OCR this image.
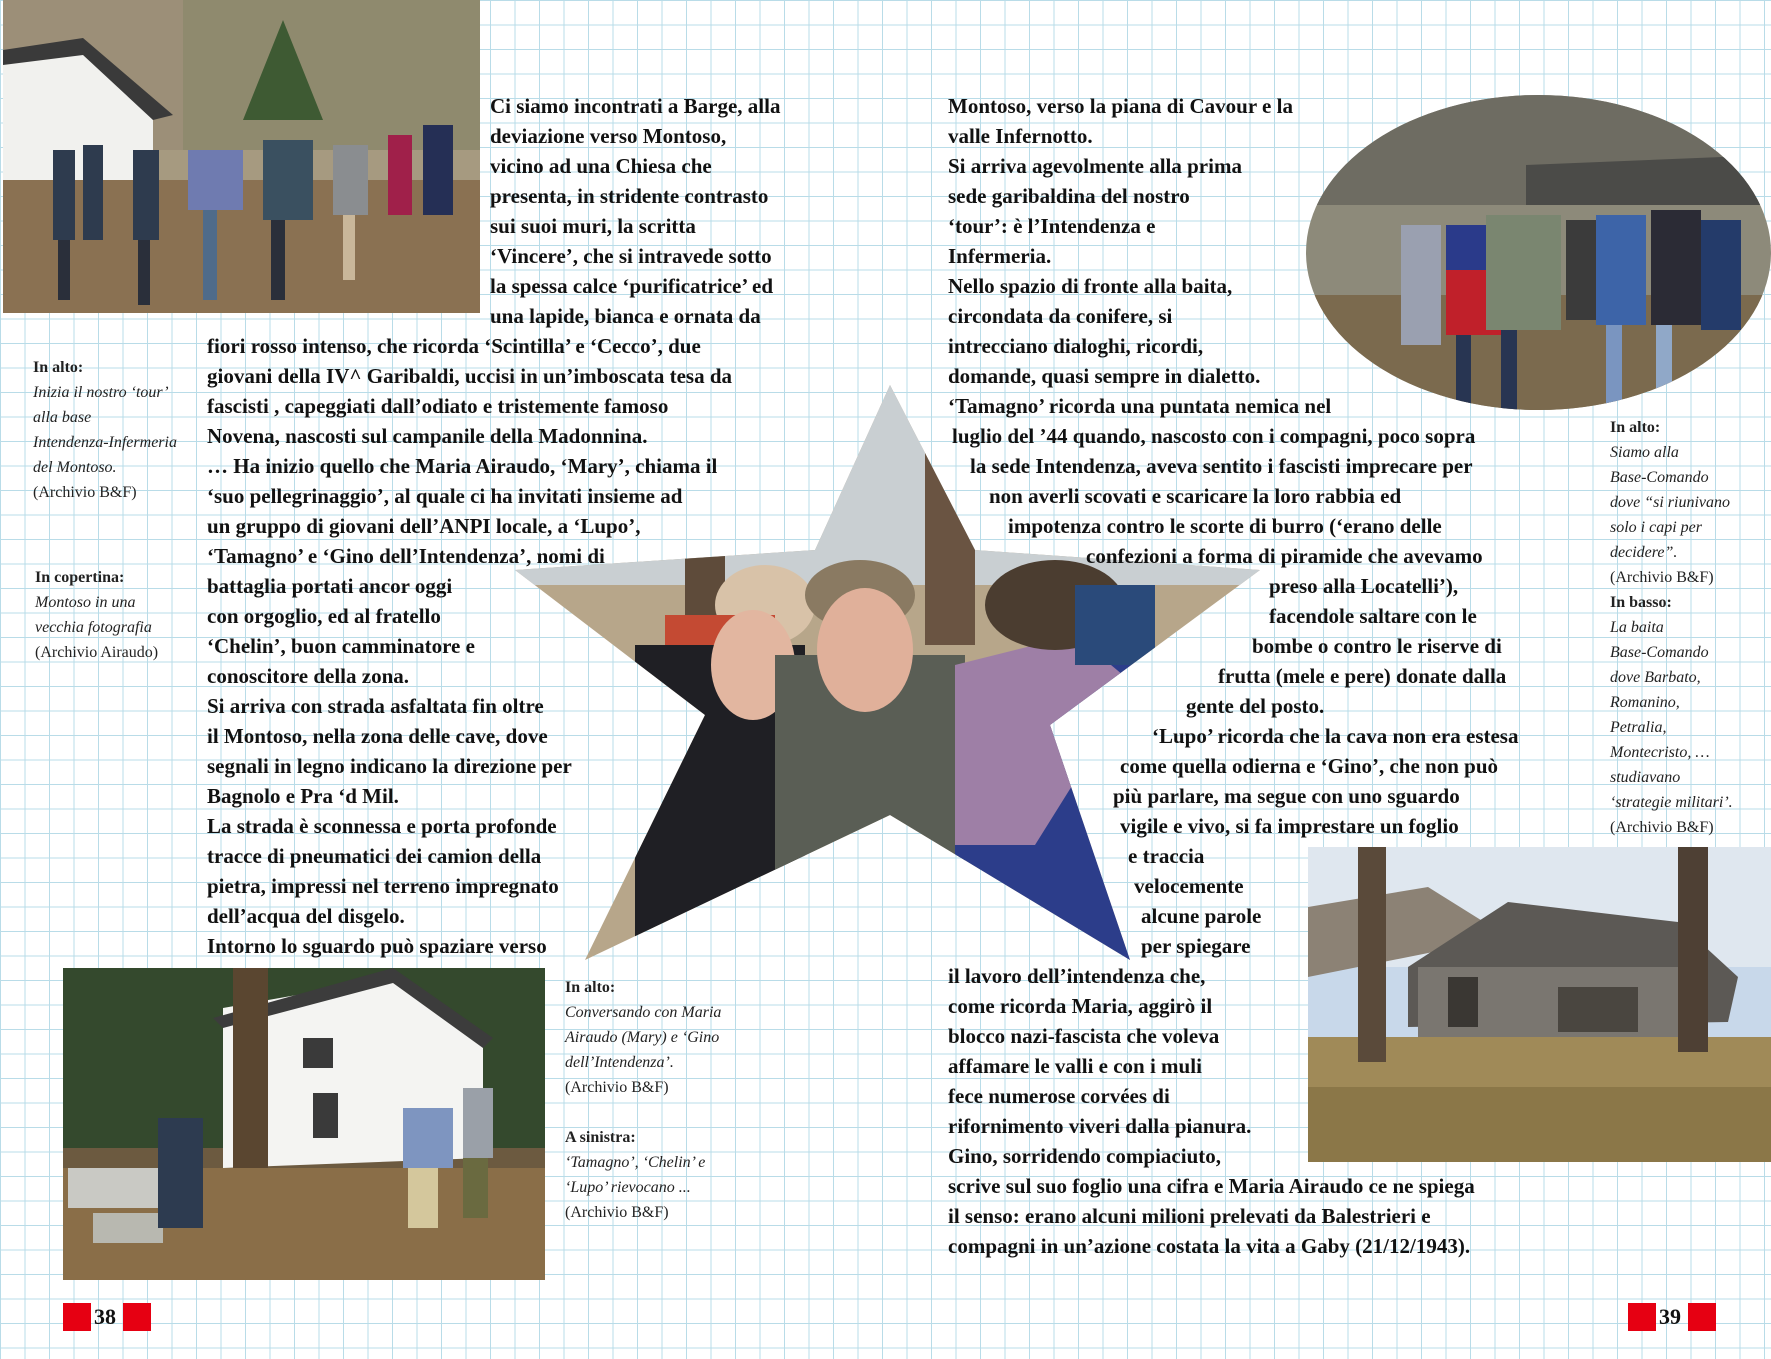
Ci siamo incontrati a Barge, alla
deviazione verso Montoso,
vicino ad una Chiesa che
presenta, in stridente contrasto
sui suoi muri, la scritta
‘Vincere’, che si intravede sotto
la spessa calce ‘purificatrice’ ed
una lapide, bianca e ornata da
fiori rosso intenso, che ricorda ‘Scintilla’ e ‘Cecco’, due
giovani della IV^ Garibaldi, uccisi in un’imboscata tesa da
fascisti , capeggiati dall’odiato e tristemente famoso
Novena, nascosti sul campanile della Madonnina.
… Ha inizio quello che Maria Airaudo, ‘Mary’, chiama il
‘suo pellegrinaggio’, al quale ci ha invitati insieme ad
un gruppo di giovani dell’ANPI locale, a ‘Lupo’,
‘Tamagno’ e ‘Gino dell’Intendenza’, nomi di
battaglia portati ancor oggi
con orgoglio, ed al fratello
‘Chelin’, buon camminatore e
conoscitore della zona.
Si arriva con strada asfaltata fin oltre
il Montoso, nella zona delle cave, dove
segnali in legno indicano la direzione per
Bagnolo e Pra ‘d Mil.
La strada è sconnessa e porta profonde
tracce di pneumatici dei camion della
pietra, impressi nel terreno impregnato
dell’acqua del disgelo.
Intorno lo sguardo può spaziare verso
Montoso, verso la piana di Cavour e la
valle Infernotto.
Si arriva agevolmente alla prima
sede garibaldina del nostro
‘tour’: è l’Intendenza e
Infermeria.
Nello spazio di fronte alla baita,
circondata da conifere, si
intrecciano dialoghi, ricordi,
domande, quasi sempre in dialetto.
‘Tamagno’ ricorda una puntata nemica nel
luglio del ’44 quando, nascosto con i compagni, poco sopra
la sede Intendenza, aveva sentito i fascisti imprecare per
non averli scovati e scaricare la loro rabbia ed
impotenza contro le scorte di burro (‘erano delle
confezioni a forma di piramide che avevamo
preso alla Locatelli’),
facendole saltare con le
bombe o contro le riserve di
frutta (mele e pere) donate dalla
gente del posto.
‘Lupo’ ricorda che la cava non era estesa
come quella odierna e ‘Gino’, che non può
più parlare, ma segue con uno sguardo
vigile e vivo, si fa imprestare un foglio
e traccia
velocemente
alcune parole
per spiegare
il lavoro dell’intendenza che,
come ricorda Maria, aggirò il
blocco nazi-fascista che voleva
affamare le valli e con i muli
fece numerose corvées di
rifornimento viveri dalla pianura.
Gino, sorridendo compiaciuto,
scrive sul suo foglio una cifra e Maria Airaudo ce ne spiega
il senso: erano alcuni milioni prelevati da Balestrieri e
compagni in un’azione costata la vita a Gaby (21/12/1943).
In alto:
Inizia il nostro ‘tour’
alla base
Intendenza-Infermeria
del Montoso.
(Archivio B&F)
In copertina:
Montoso in una
vecchia fotografia
(Archivio Airaudo)
In alto:
Conversando con Maria
Airaudo (Mary) e ‘Gino
dell’Intendenza’.
(Archivio B&F)
A sinistra:
‘Tamagno’, ‘Chelin’ e
‘Lupo’ rievocano ...
(Archivio B&F)
In alto:
Siamo alla
Base-Comando
dove “si riunivano
solo i capi per
decidere”.
(Archivio B&F)
In basso:
La baita
Base-Comando
dove Barbato,
Romanino,
Petralia,
Montecristo, …
studiavano
‘strategie militari’.
(Archivio B&F)
38	39
